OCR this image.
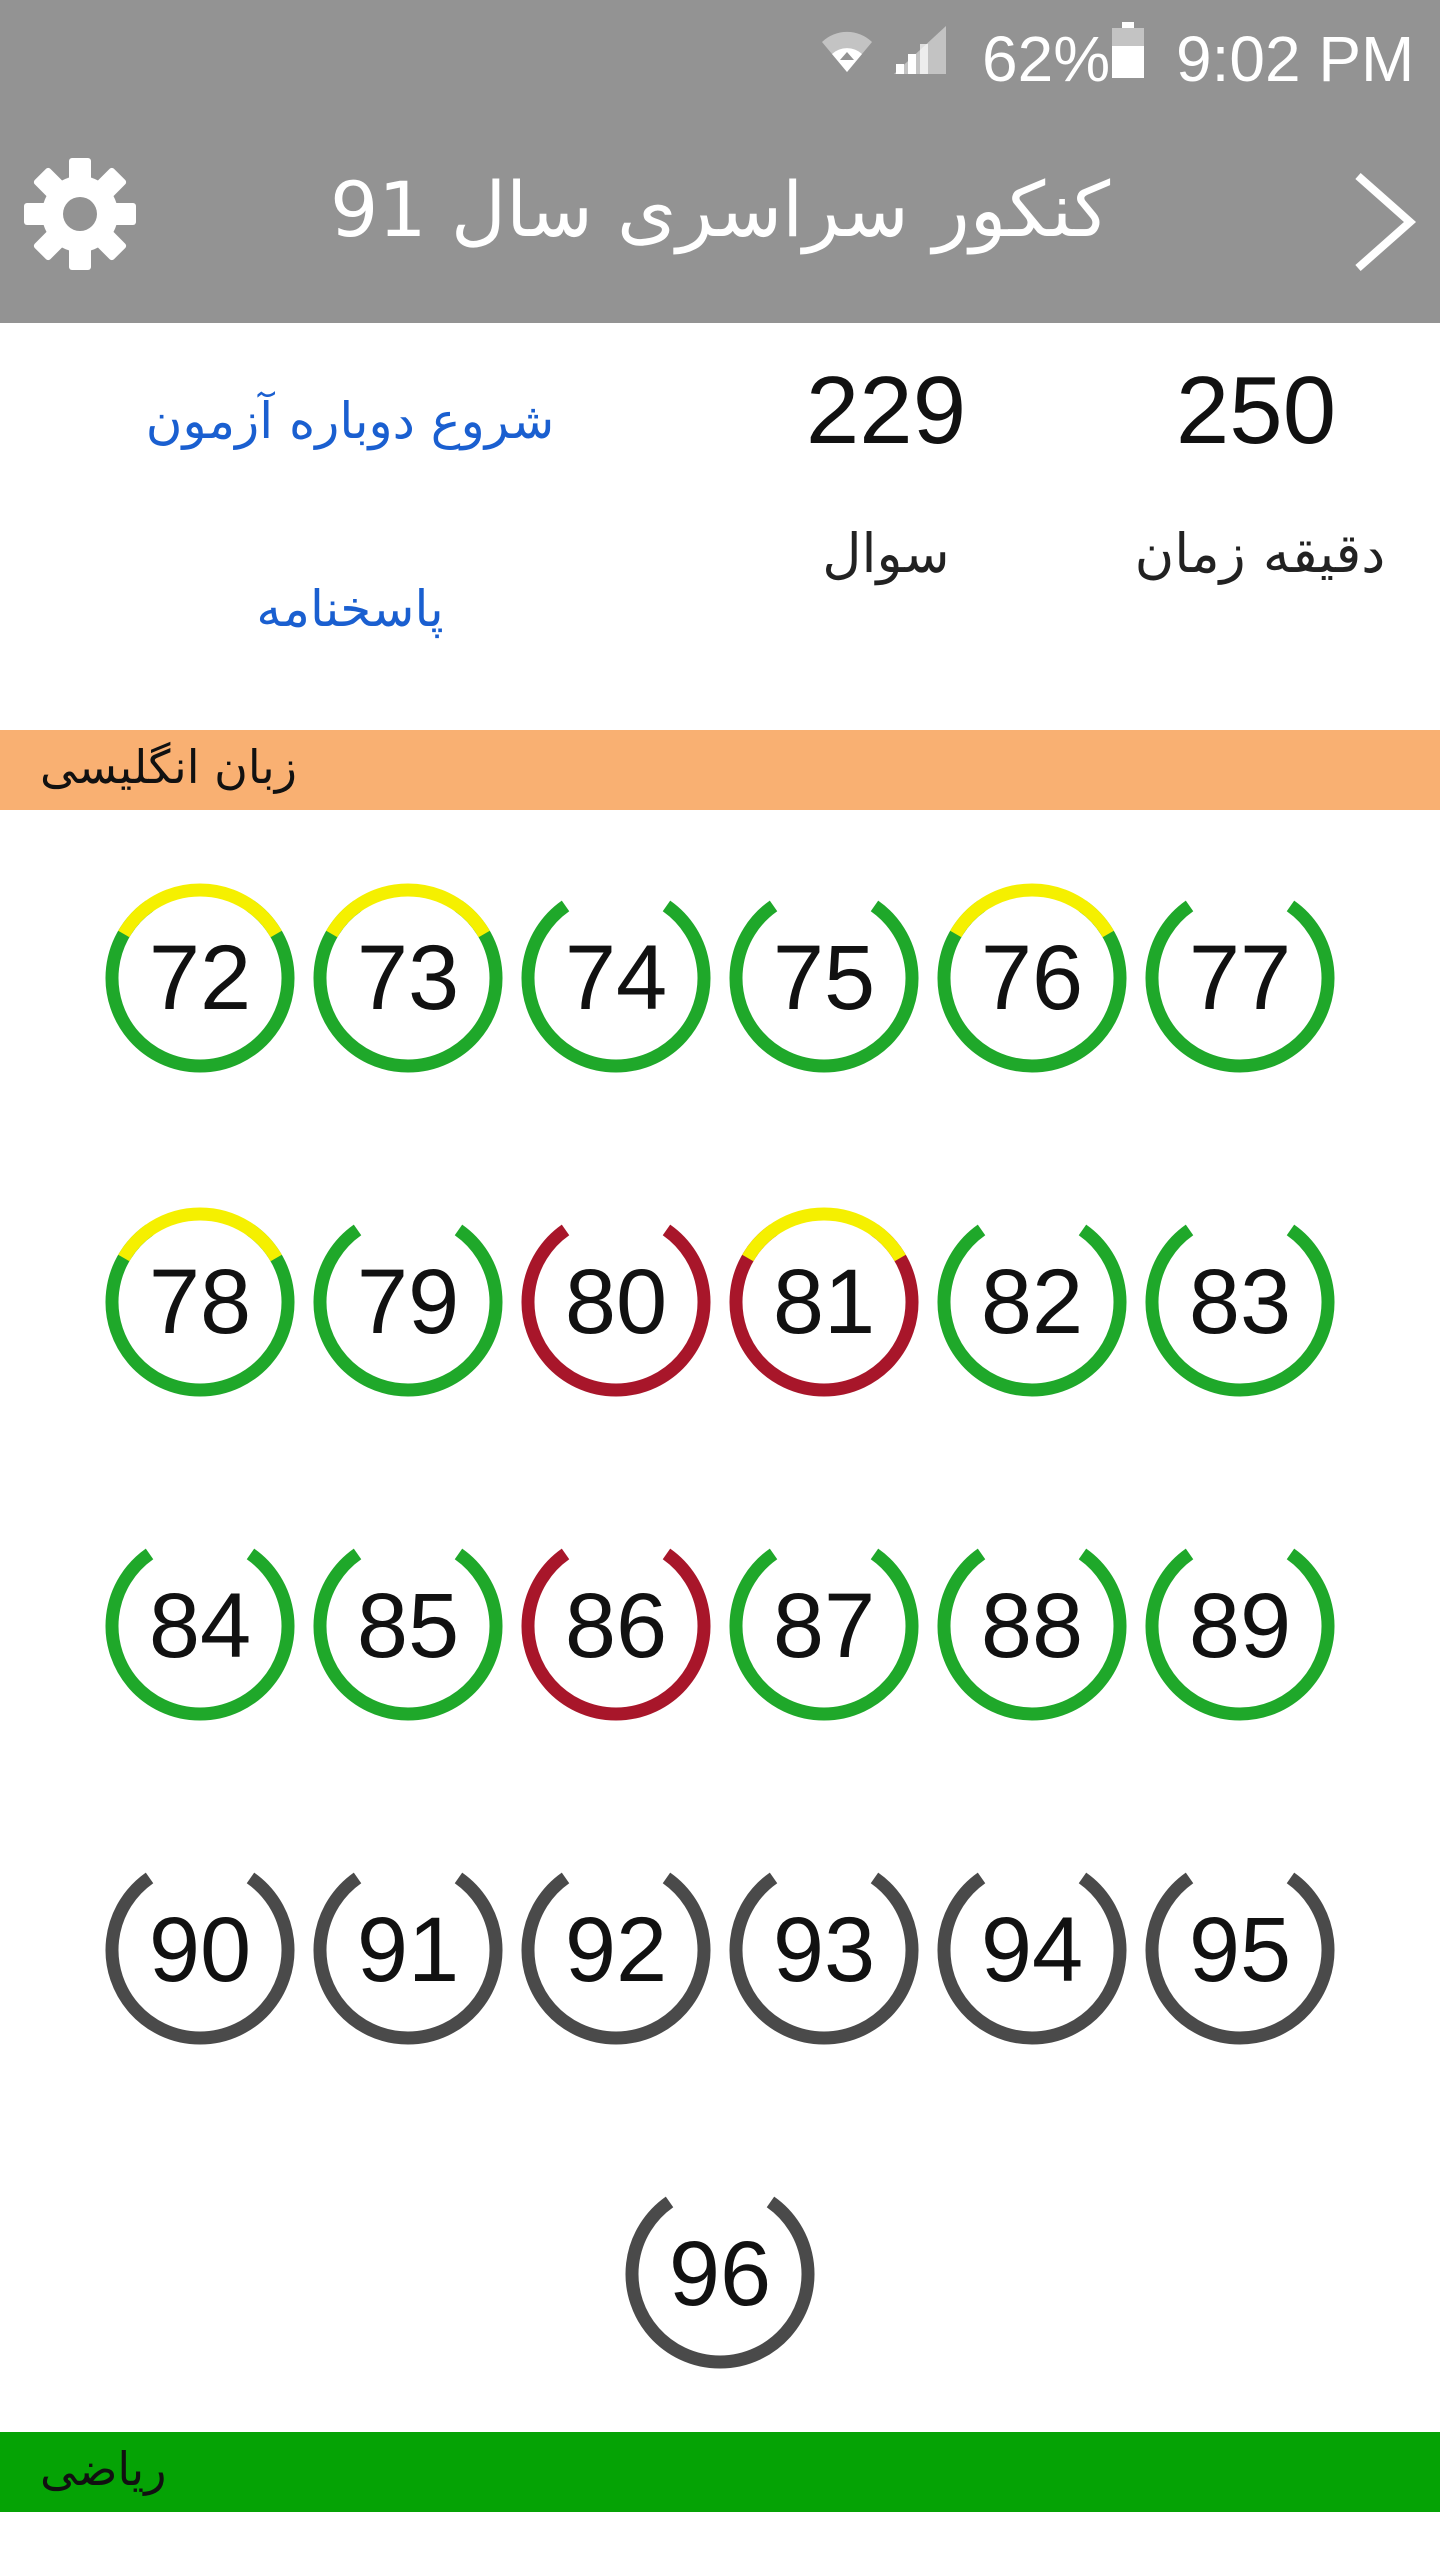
62% 9:02 PM
کنکور سراسری سال 91
250
دقیقه زمان
229
سوال
شروع دوباره آزمون
پاسخنامه
زبان انگلیسی
ریاضی
72	73	74	75	76	77
78	79	80	81	82	83
84	85	86	87	88	89
90	91	92	93	94	95
96
